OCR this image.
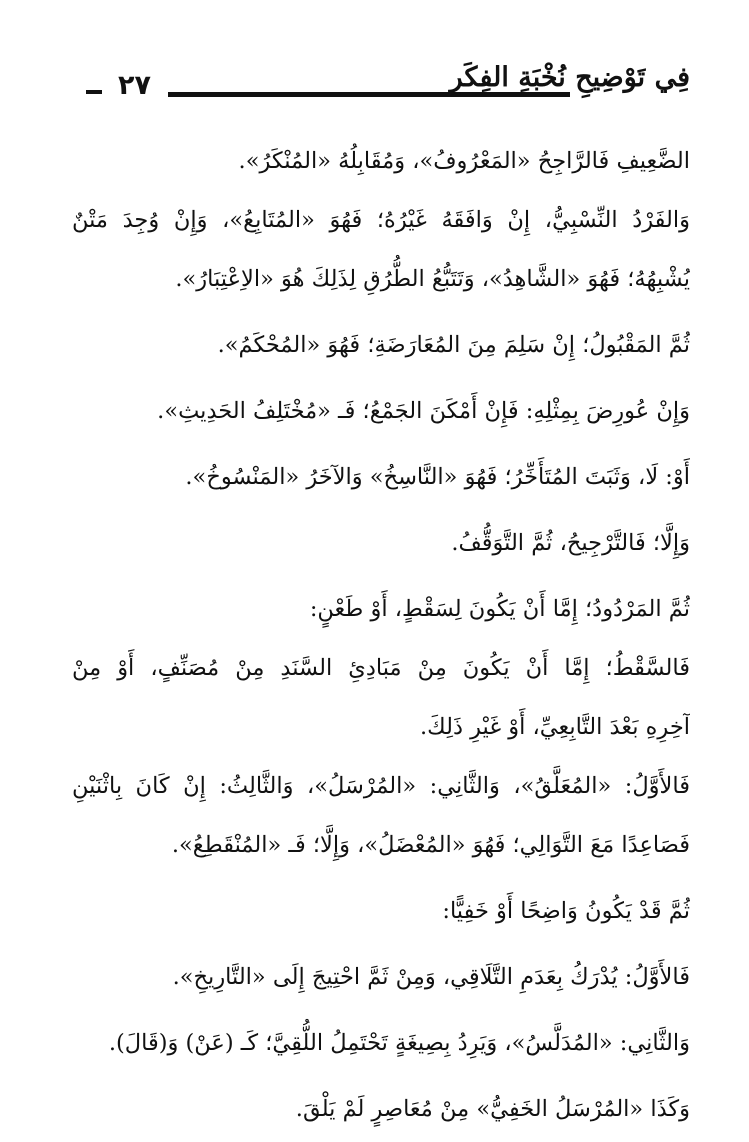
٢٧	فِي تَوْضِيحِ نُخْبَةِ الفِكَرِ
الضَّعِيفِ فَالرَّاجِحُ «المَعْرُوفُ»، وَمُقَابِلُهُ «المُنْكَرُ».
وَالفَرْدُ النِّسْبِيُّ، إِنْ وَافَقَهُ غَيْرُهُ؛ فَهُوَ «المُتَابِعُ»، وَإِنْ وُجِدَ مَتْنٌ
يُشْبِهُهُ؛ فَهُوَ «الشَّاهِدُ»، وَتَتَبُّعُ الطُّرُقِ لِذَلِكَ هُوَ «الاِعْتِبَارُ».
ثُمَّ المَقْبُولُ؛ إِنْ سَلِمَ مِنَ المُعَارَضَةِ؛ فَهُوَ «المُحْكَمُ».
وَإِنْ عُورِضَ بِمِثْلِهِ: فَإِنْ أَمْكَنَ الجَمْعُ؛ فَـ «مُخْتَلِفُ الحَدِيثِ».
أَوْ: لَا، وَثَبَتَ المُتَأَخِّرُ؛ فَهُوَ «النَّاسِخُ» وَالآخَرُ «المَنْسُوخُ».
وَإِلَّا؛ فَالتَّرْجِيحُ، ثُمَّ التَّوَقُّفُ.
ثُمَّ المَرْدُودُ؛ إِمَّا أَنْ يَكُونَ لِسَقْطٍ، أَوْ طَعْنٍ:
فَالسَّقْطُ؛ إِمَّا أَنْ يَكُونَ مِنْ مَبَادِئِ السَّنَدِ مِنْ مُصَنِّفٍ، أَوْ مِنْ
آخِرِهِ بَعْدَ التَّابِعِيِّ، أَوْ غَيْرِ ذَلِكَ.
فَالأَوَّلُ: «المُعَلَّقُ»، وَالثَّانِي: «المُرْسَلُ»، وَالثَّالِثُ: إِنْ كَانَ بِاثْنَيْنِ
فَصَاعِدًا مَعَ التَّوَالِي؛ فَهُوَ «المُعْضَلُ»، وَإِلَّا؛ فَـ «المُنْقَطِعُ».
ثُمَّ قَدْ يَكُونُ وَاضِحًا أَوْ خَفِيًّا:
فَالأَوَّلُ: يُدْرَكُ بِعَدَمِ التَّلَاقِي، وَمِنْ ثَمَّ احْتِيجَ إِلَى «التَّارِيخِ».
وَالثَّانِي: «المُدَلَّسُ»، وَيَرِدُ بِصِيغَةٍ تَحْتَمِلُ اللُّقِيَّ؛ كَـ (عَنْ) وَ(قَالَ).
وَكَذَا «المُرْسَلُ الخَفِيُّ» مِنْ مُعَاصِرٍ لَمْ يَلْقَ.
